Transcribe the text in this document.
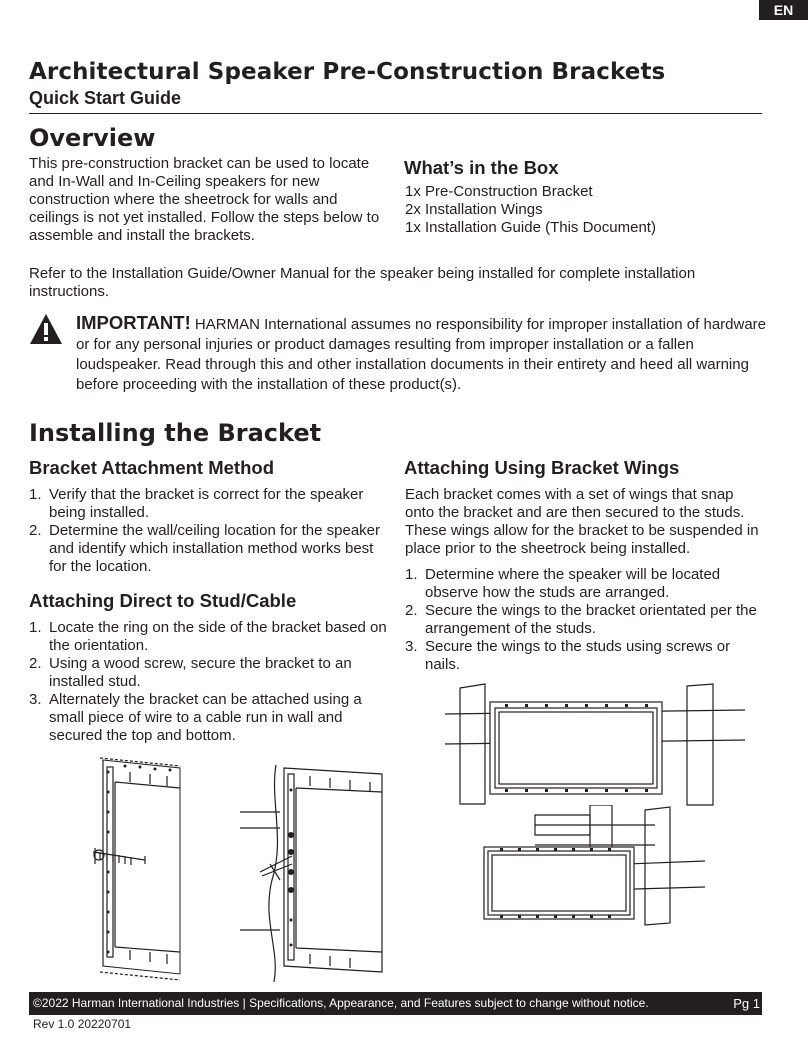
EN
Architectural Speaker Pre-Construction Brackets
Quick Start Guide
Overview

This pre-construction bracket can be used to locate and In-Wall and In-Ceiling speakers for new construction where the sheetrock for walls and ceilings is not yet installed. Follow the steps below to assemble and install the brackets.

What’s in the Box
1x Pre-Construction Bracket
2x Installation Wings
1x Installation Guide (This Document)

Refer to the Installation Guide/Owner Manual for the speaker being installed for complete installation instructions.

IMPORTANT! HARMAN International assumes no responsibility for improper installation of hardware or for any personal injuries or product damages resulting from improper installation or a fallen loudspeaker. Read through this and other installation documents in their entirety and heed all warning before proceeding with the installation of these product(s).

Installing the Bracket
Bracket Attachment Method
1. Verify that the bracket is correct for the speaker being installed.
2. Determine the wall/ceiling location for the speaker and identify which installation method works best for the location.
Attaching Direct to Stud/Cable
1. Locate the ring on the side of the bracket based on the orientation.
2. Using a wood screw, secure the bracket to an installed stud.
3. Alternately the bracket can be attached using a small piece of wire to a cable run in wall and secured the top and bottom.
Attaching Using Bracket Wings

Each bracket comes with a set of wings that snap onto the bracket and are then secured to the studs. These wings allow for the bracket to be suspended in place prior to the sheetrock being installed.

1. Determine where the speaker will be located observe how the studs are arranged.
2. Secure the wings to the bracket orientated per the arrangement of the studs.
3. Secure the wings to the studs using screws or nails.
©2022 Harman International Industries | Specifications, Appearance, and Features subject to change without notice.	Pg 1
Rev 1.0 20220701
